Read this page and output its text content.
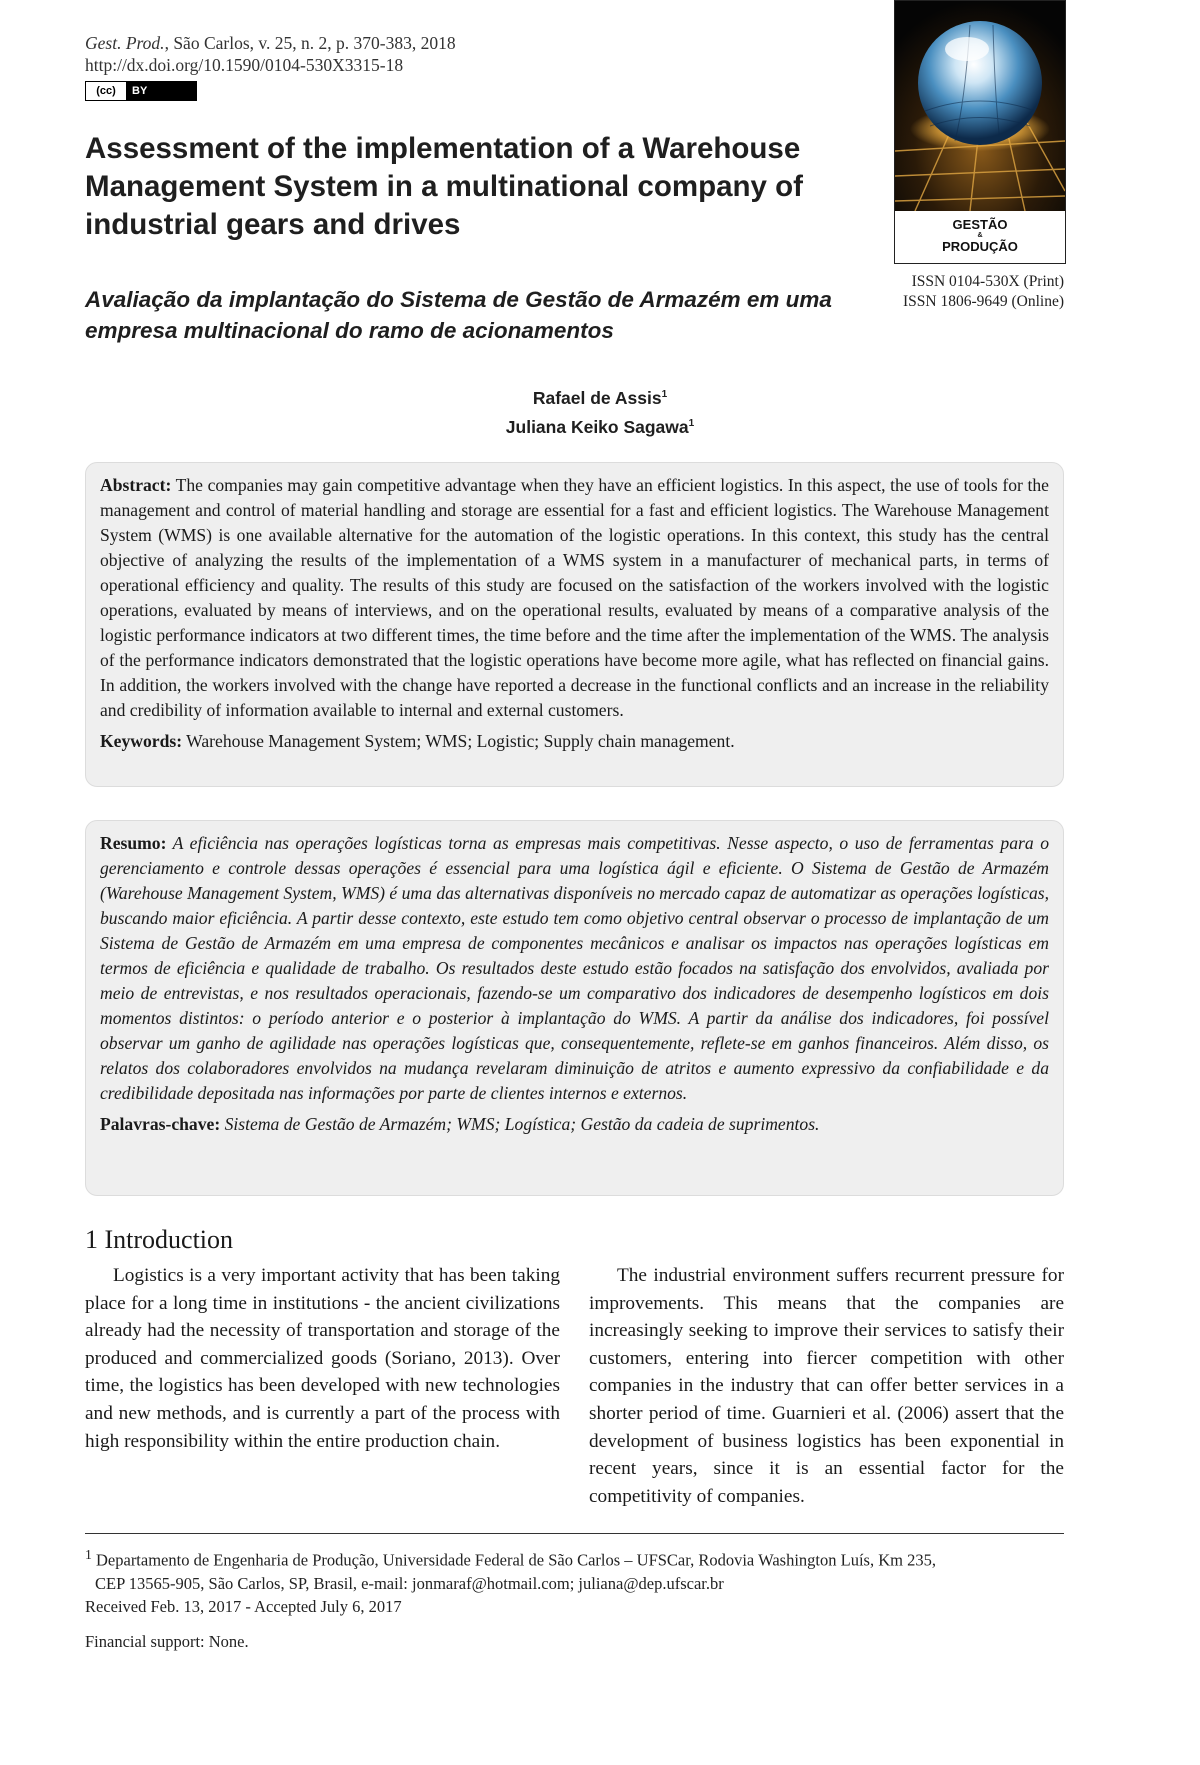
Gest. Prod., São Carlos, v. 25, n. 2, p. 370-383, 2018
http://dx.doi.org/10.1590/0104-530X3315-18
(cc)	BY
GESTÃO
&
PRODUÇÃO
ISSN 0104-530X (Print)
ISSN 1806-9649 (Online)
Assessment of the implementation of a Warehouse Management System in a multinational company of industrial gears and drives
Avaliação da implantação do Sistema de Gestão de Armazém em uma empresa multinacional do ramo de acionamentos
Rafael de Assis$^1$
Juliana Keiko Sagawa$^1$

Abstract: The companies may gain competitive advantage when they have an efficient logistics. In this aspect, the use of tools for the management and control of material handling and storage are essential for a fast and efficient logistics. The Warehouse Management System (WMS) is one available alternative for the automation of the logistic operations. In this context, this study has the central objective of analyzing the results of the implementation of a WMS system in a manufacturer of mechanical parts, in terms of operational efficiency and quality. The results of this study are focused on the satisfaction of the workers involved with the logistic operations, evaluated by means of interviews, and on the operational results, evaluated by means of a comparative analysis of the logistic performance indicators at two different times, the time before and the time after the implementation of the WMS. The analysis of the performance indicators demonstrated that the logistic operations have become more agile, what has reflected on financial gains. In addition, the workers involved with the change have reported a decrease in the functional conflicts and an increase in the reliability and credibility of information available to internal and external customers.

Keywords: Warehouse Management System; WMS; Logistic; Supply chain management.

Resumo: A eficiência nas operações logísticas torna as empresas mais competitivas. Nesse aspecto, o uso de ferramentas para o gerenciamento e controle dessas operações é essencial para uma logística ágil e eficiente. O Sistema de Gestão de Armazém (Warehouse Management System, WMS) é uma das alternativas disponíveis no mercado capaz de automatizar as operações logísticas, buscando maior eficiência. A partir desse contexto, este estudo tem como objetivo central observar o processo de implantação de um Sistema de Gestão de Armazém em uma empresa de componentes mecânicos e analisar os impactos nas operações logísticas em termos de eficiência e qualidade de trabalho. Os resultados deste estudo estão focados na satisfação dos envolvidos, avaliada por meio de entrevistas, e nos resultados operacionais, fazendo-se um comparativo dos indicadores de desempenho logísticos em dois momentos distintos: o período anterior e o posterior à implantação do WMS. A partir da análise dos indicadores, foi possível observar um ganho de agilidade nas operações logísticas que, consequentemente, refletе-se em ganhos financeiros. Além disso, os relatos dos colaboradores envolvidos na mudança revelaram diminuição de atritos e aumento expressivo da confiabilidade e da credibilidade depositada nas informações por parte de clientes internos e externos.

Palavras-chave: Sistema de Gestão de Armazém; WMS; Logística; Gestão da cadeia de suprimentos.

1 Introduction

Logistics is a very important activity that has been taking place for a long time in institutions - the ancient civilizations already had the necessity of transportation and storage of the produced and commercialized goods (Soriano, 2013). Over time, the logistics has been developed with new technologies and new methods, and is currently a part of the process with high responsibility within the entire production chain.

The industrial environment suffers recurrent pressure for improvements. This means that the companies are increasingly seeking to improve their services to satisfy their customers, entering into fiercer competition with other companies in the industry that can offer better services in a shorter period of time. Guarnieri et al. (2006) assert that the development of business logistics has been exponential in recent years, since it is an essential factor for the competitivity of companies.

$^1$ Departamento de Engenharia de Produção, Universidade Federal de São Carlos – UFSCar, Rodovia Washington Luís, Km 235,
CEP 13565-905, São Carlos, SP, Brasil, e-mail: jonmaraf@hotmail.com; juliana@dep.ufscar.br
Received Feb. 13, 2017 - Accepted July 6, 2017
Financial support: None.
